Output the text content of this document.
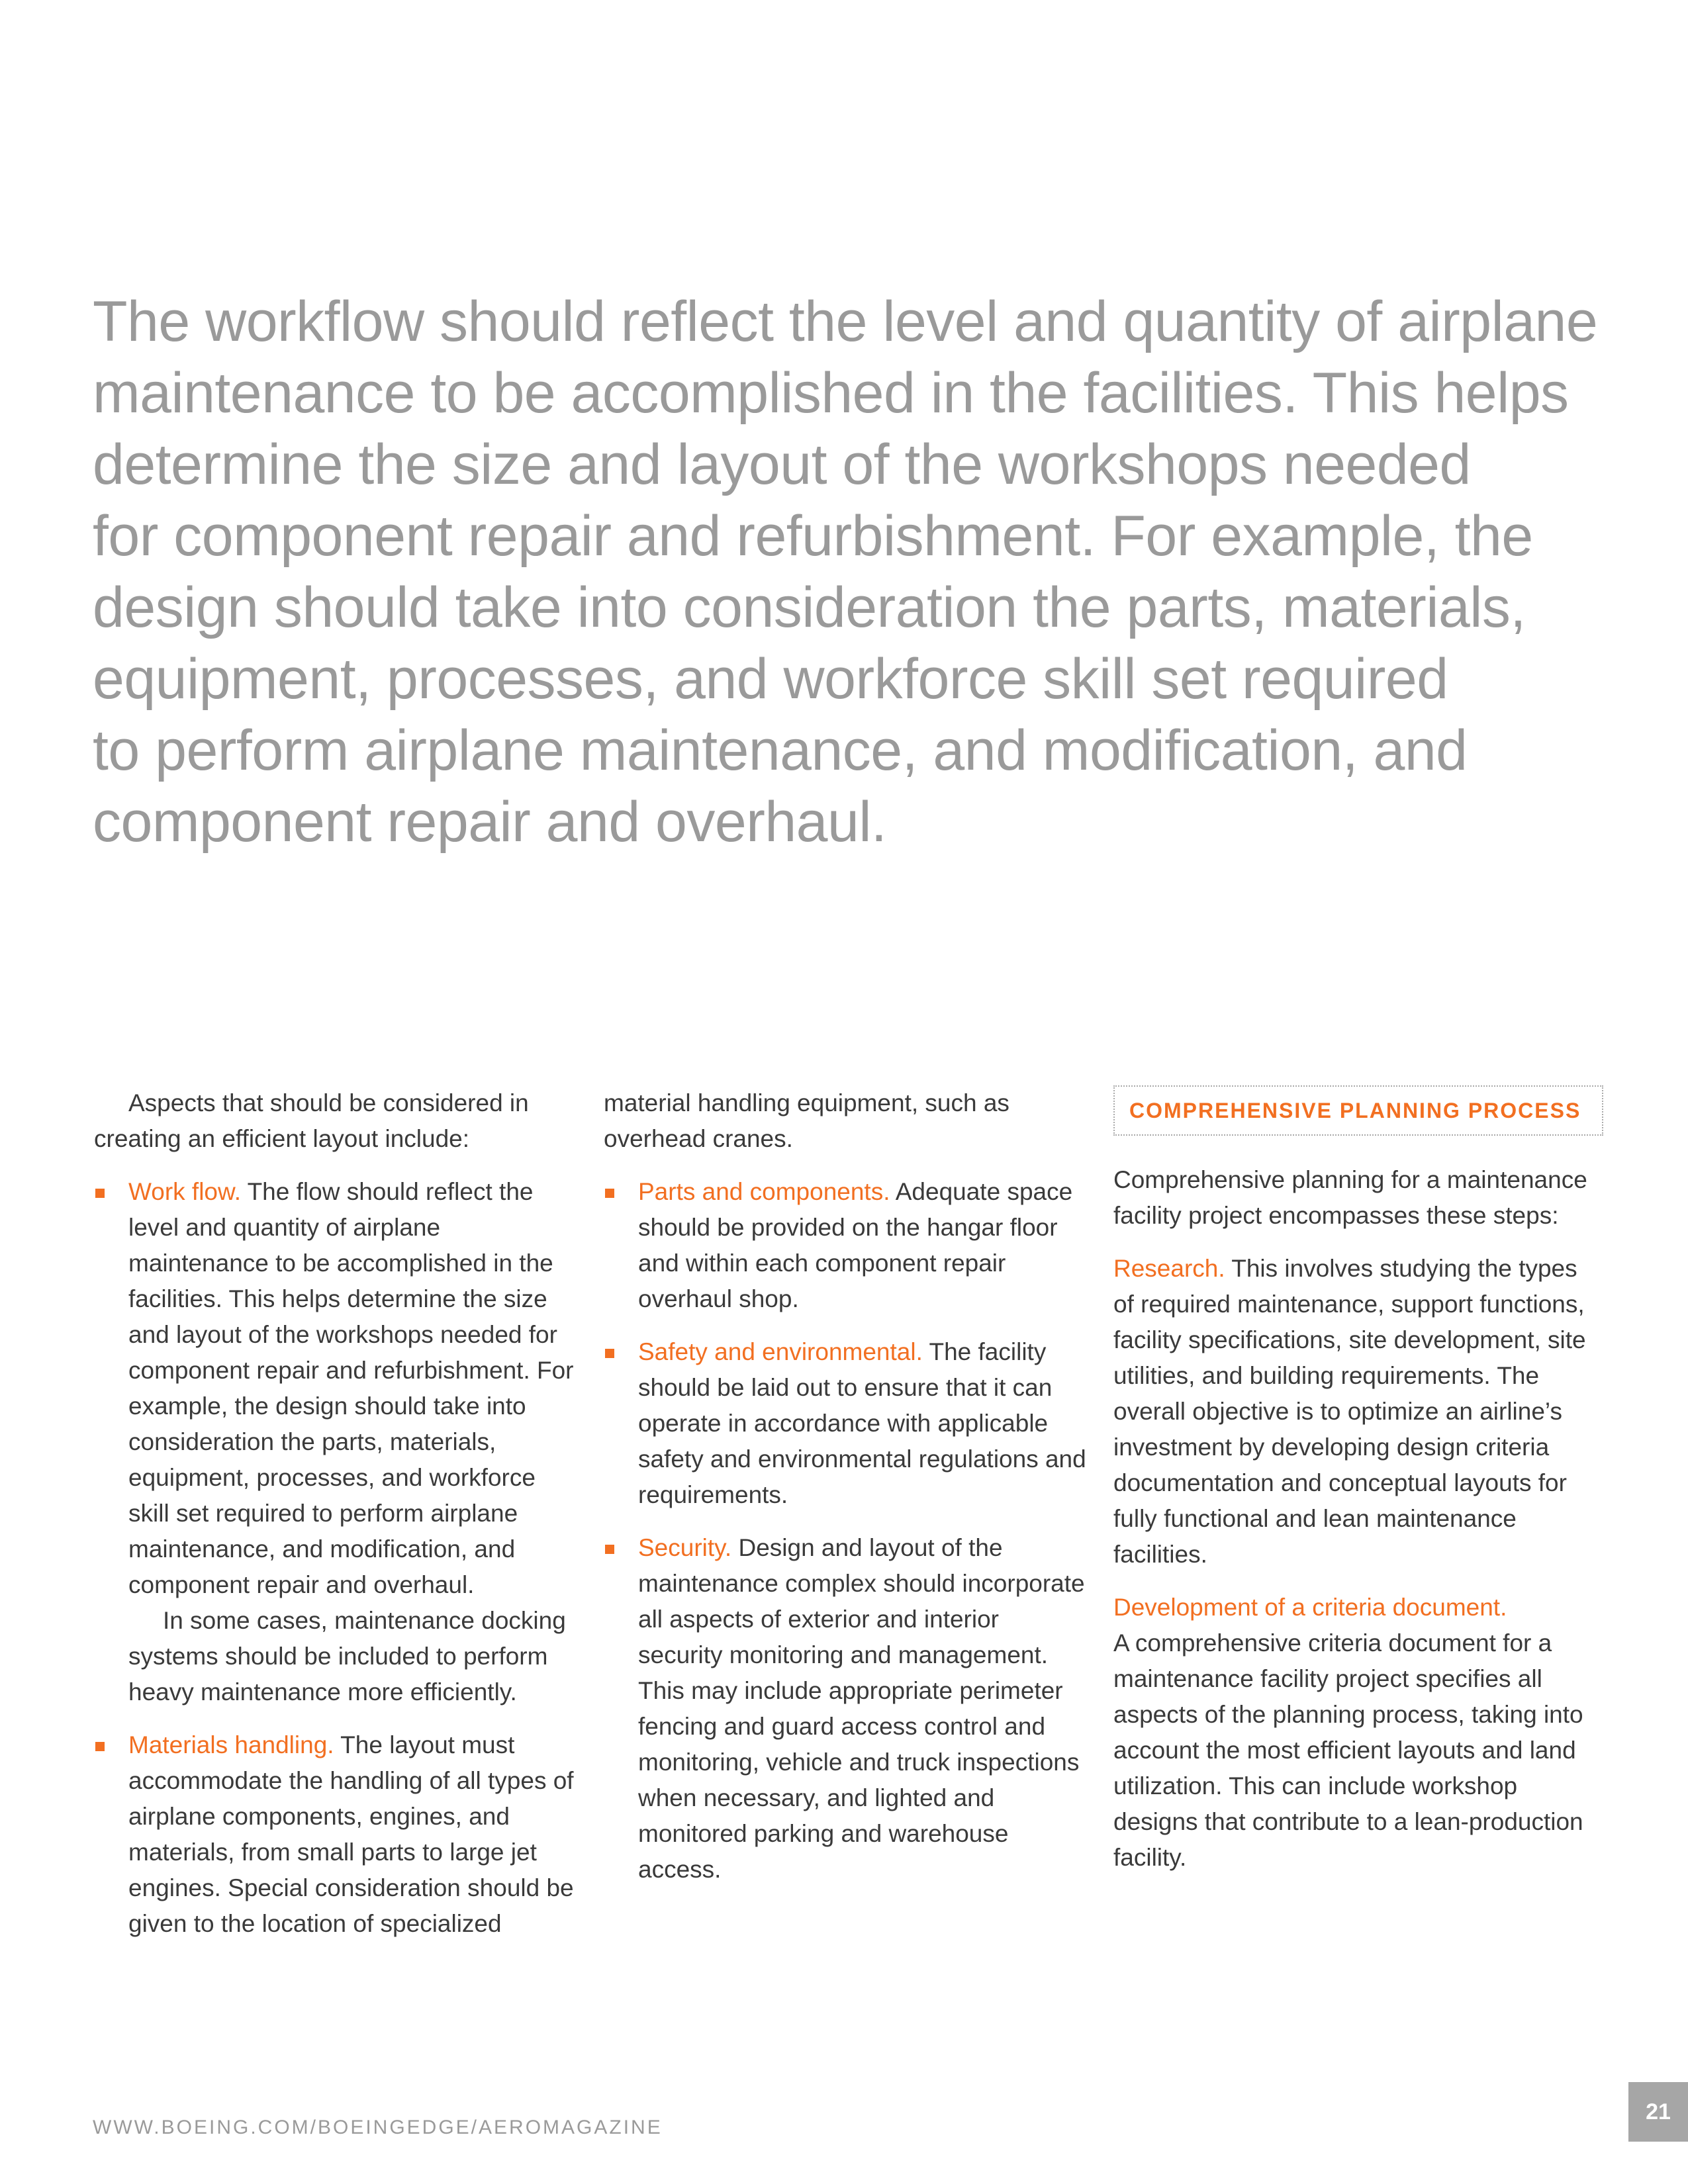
The workflow should reflect the level and quantity of airplane
maintenance to be accomplished in the facilities. This helps
determine the size and layout of the workshops needed
for component repair and refurbishment. For example, the
design should take into consideration the parts, materials,
equipment, processes, and workforce skill set required
to perform airplane maintenance, and modification, and
component repair and overhaul.

Aspects that should be considered in creating an efficient layout include:

Work flow. The flow should reflect the level and quantity of airplane maintenance to be accomplished in the facilities. This helps determine the size and layout of the workshops needed for component repair and refurbishment. For example, the design should take into consideration the parts, materials, equipment, processes, and workforce skill set required to perform airplane maintenance, and modification, and component repair and overhaul.

In some cases, maintenance docking systems should be included to perform heavy maintenance more efficiently.

Materials handling. The layout must accommodate the handling of all types of airplane components, engines, and materials, from small parts to large jet engines. Special consideration should be given to the location of specialized

material handling equipment, such as overhead cranes.

Parts and components. Adequate space should be provided on the hangar floor and within each component repair overhaul shop.
Safety and environmental. The facility should be laid out to ensure that it can operate in accordance with applicable safety and environmental regulations and requirements.
Security. Design and layout of the maintenance complex should incorporate all aspects of exterior and interior security monitoring and management. This may include appropriate perimeter fencing and guard access control and monitoring, vehicle and truck inspections when necessary, and lighted and monitored parking and warehouse access.
COMPREHENSIVE PLANNING PROCESS

Comprehensive planning for a maintenance facility project encompasses these steps:

Research. This involves studying the types of required maintenance, support functions, facility specifications, site development, site utilities, and building requirements. The overall objective is to optimize an airline’s investment by developing design criteria documentation and conceptual layouts for fully functional and lean maintenance facilities.

Development of a criteria document.
A comprehensive criteria document for a maintenance facility project specifies all aspects of the planning process, taking into account the most efficient layouts and land utilization. This can include workshop designs that contribute to a lean-production facility.

WWW.BOEING.COM/BOEINGEDGE/AEROMAGAZINE
21
